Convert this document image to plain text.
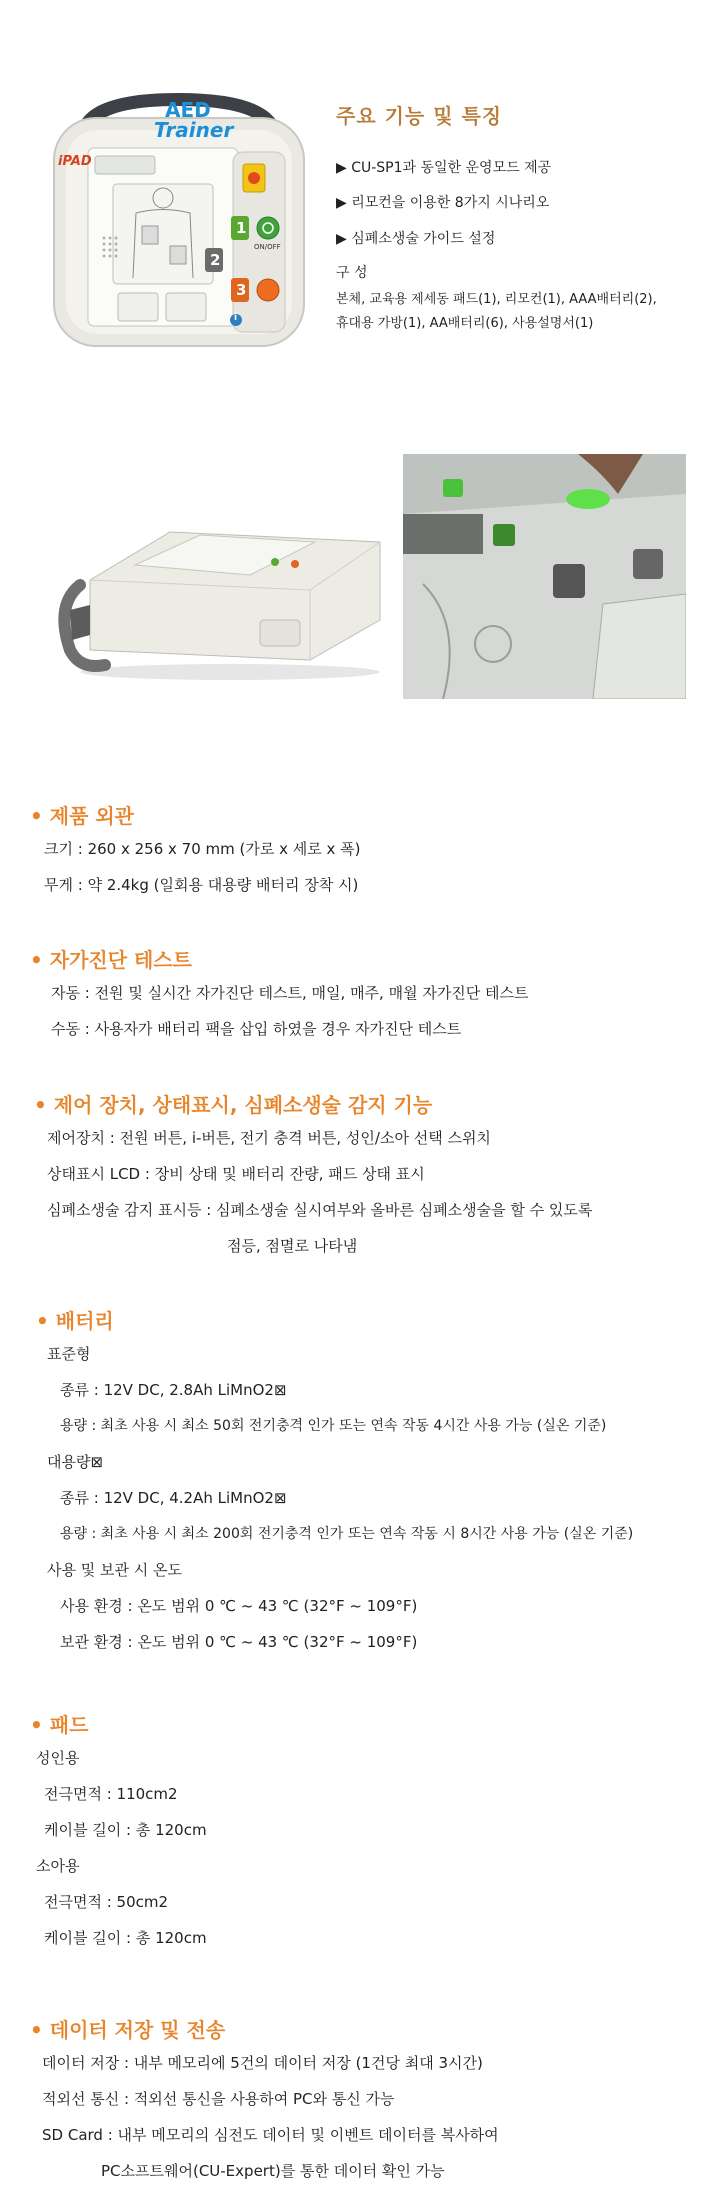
AED
Trainer
iPAD
1
2
3
ON/OFF
i
주요 기능 및 특징
▶ CU-SP1과 동일한 운영모드 제공
▶ 리모컨을 이용한 8가지 시나리오
▶ 심폐소생술 가이드 설정
구 성
본체, 교육용 제세동 패드(1), 리모컨(1), AAA배터리(2),
휴대용 가방(1), AA배터리(6), 사용설명서(1)
• 제품 외관
크기 : 260 x 256 x 70 mm (가로 x 세로 x 폭)
무게 : 약 2.4kg (일회용 대용량 배터리 장착 시)
• 자가진단 테스트
자동 : 전원 및 실시간 자가진단 테스트, 매일, 매주, 매월 자가진단 테스트
수동 : 사용자가 배터리 팩을 삽입 하였을 경우 자가진단 테스트
• 제어 장치, 상태표시, 심폐소생술 감지 기능
제어장치 : 전원 버튼, i-버튼, 전기 충격 버튼, 성인/소아 선택 스위치
상태표시 LCD : 장비 상태 및 배터리 잔량, 패드 상태 표시
심폐소생술 감지 표시등 : 심폐소생술 실시여부와 올바른 심폐소생술을 할 수 있도록
점등, 점멸로 나타냄
• 배터리
표준형
종류 : 12V DC, 2.8Ah LiMnO2⊠
용량 : 최초 사용 시 최소 50회 전기충격 인가 또는 연속 작동 4시간 사용 가능 (실온 기준)
대용량⊠
종류 : 12V DC, 4.2Ah LiMnO2⊠
용량 : 최초 사용 시 최소 200회 전기충격 인가 또는 연속 작동 시 8시간 사용 가능 (실온 기준)
사용 및 보관 시 온도
사용 환경 : 온도 범위 0 ℃ ~ 43 ℃ (32°F ~ 109°F)
보관 환경 : 온도 범위 0 ℃ ~ 43 ℃ (32°F ~ 109°F)
• 패드
성인용
전극면적 : 110cm2
케이블 길이 : 총 120cm
소아용
전극면적 : 50cm2
케이블 길이 : 총 120cm
• 데이터 저장 및 전송
데이터 저장 : 내부 메모리에 5건의 데이터 저장 (1건당 최대 3시간)
적외선 통신 : 적외선 통신을 사용하여 PC와 통신 가능
SD Card : 내부 메모리의 심전도 데이터 및 이벤트 데이터를 복사하여
PC소프트웨어(CU-Expert)를 통한 데이터 확인 가능
